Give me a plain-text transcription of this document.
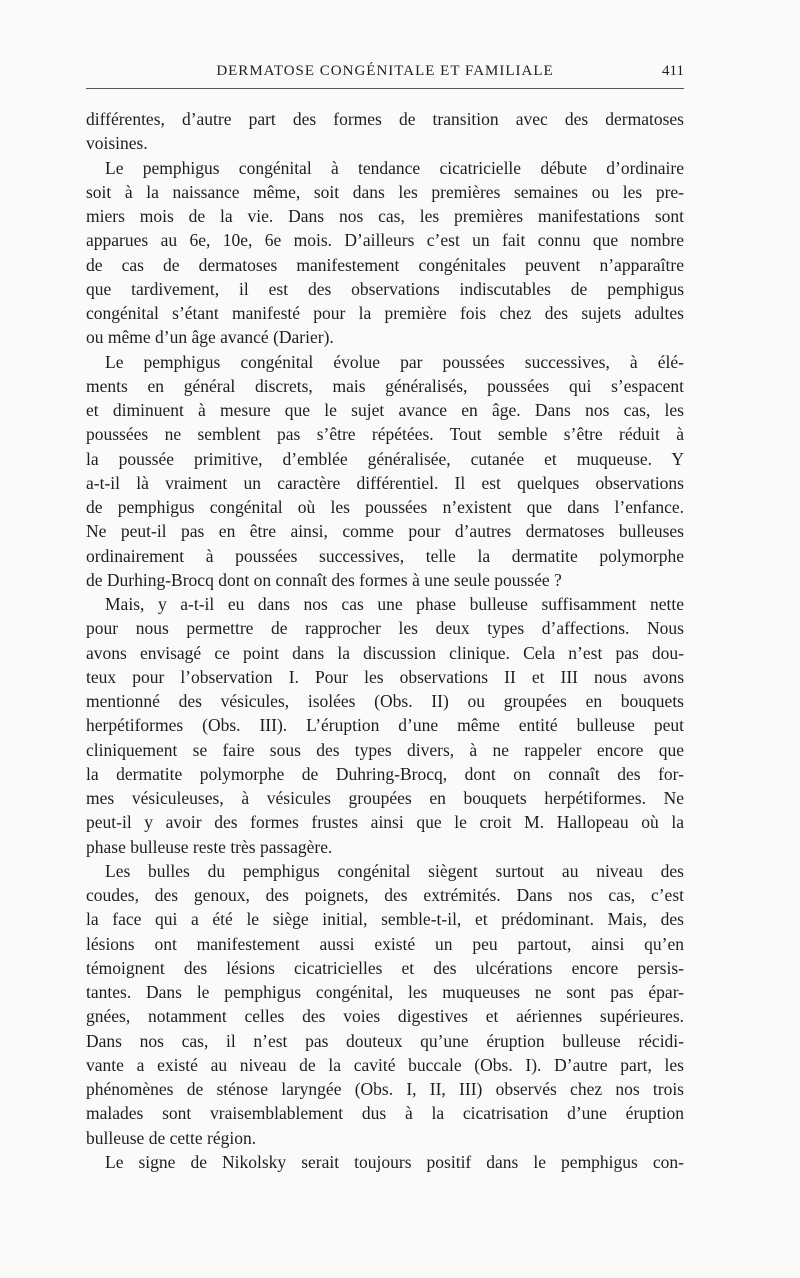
DERMATOSE CONGÉNITALE ET FAMILIALE	411
différentes, d’autre part des formes de transition avec des dermatoses
voisines.
Le pemphigus congénital à tendance cicatricielle débute d’ordinaire
soit à la naissance même, soit dans les premières semaines ou les pre-
miers mois de la vie. Dans nos cas, les premières manifestations sont
apparues au 6e, 10e, 6e mois. D’ailleurs c’est un fait connu que nombre
de cas de dermatoses manifestement congénitales peuvent n’apparaître
que tardivement, il est des observations indiscutables de pemphigus
congénital s’étant manifesté pour la première fois chez des sujets adultes
ou même d’un âge avancé (Darier).
Le pemphigus congénital évolue par poussées successives, à élé-
ments en général discrets, mais généralisés, poussées qui s’espacent
et diminuent à mesure que le sujet avance en âge. Dans nos cas, les
poussées ne semblent pas s’être répétées. Tout semble s’être réduit à
la poussée primitive, d’emblée généralisée, cutanée et muqueuse. Y
a-t-il là vraiment un caractère différentiel. Il est quelques observations
de pemphigus congénital où les poussées n’existent que dans l’enfance.
Ne peut-il pas en être ainsi, comme pour d’autres dermatoses bulleuses
ordinairement à poussées successives, telle la dermatite polymorphe
de Durhing-Brocq dont on connaît des formes à une seule poussée ?
Mais, y a-t-il eu dans nos cas une phase bulleuse suffisamment nette
pour nous permettre de rapprocher les deux types d’affections. Nous
avons envisagé ce point dans la discussion clinique. Cela n’est pas dou-
teux pour l’observation I. Pour les observations II et III nous avons
mentionné des vésicules, isolées (Obs. II) ou groupées en bouquets
herpétiformes (Obs. III). L’éruption d’une même entité bulleuse peut
cliniquement se faire sous des types divers, à ne rappeler encore que
la dermatite polymorphe de Duhring-Brocq, dont on connaît des for-
mes vésiculeuses, à vésicules groupées en bouquets herpétiformes. Ne
peut-il y avoir des formes frustes ainsi que le croit M. Hallopeau où la
phase bulleuse reste très passagère.
Les bulles du pemphigus congénital siègent surtout au niveau des
coudes, des genoux, des poignets, des extrémités. Dans nos cas, c’est
la face qui a été le siège initial, semble-t-il, et prédominant. Mais, des
lésions ont manifestement aussi existé un peu partout, ainsi qu’en
témoignent des lésions cicatricielles et des ulcérations encore persis-
tantes. Dans le pemphigus congénital, les muqueuses ne sont pas épar-
gnées, notamment celles des voies digestives et aériennes supérieures.
Dans nos cas, il n’est pas douteux qu’une éruption bulleuse récidi-
vante a existé au niveau de la cavité buccale (Obs. I). D’autre part, les
phénomènes de sténose laryngée (Obs. I, II, III) observés chez nos trois
malades sont vraisemblablement dus à la cicatrisation d’une éruption
bulleuse de cette région.
Le signe de Nikolsky serait toujours positif dans le pemphigus con-
